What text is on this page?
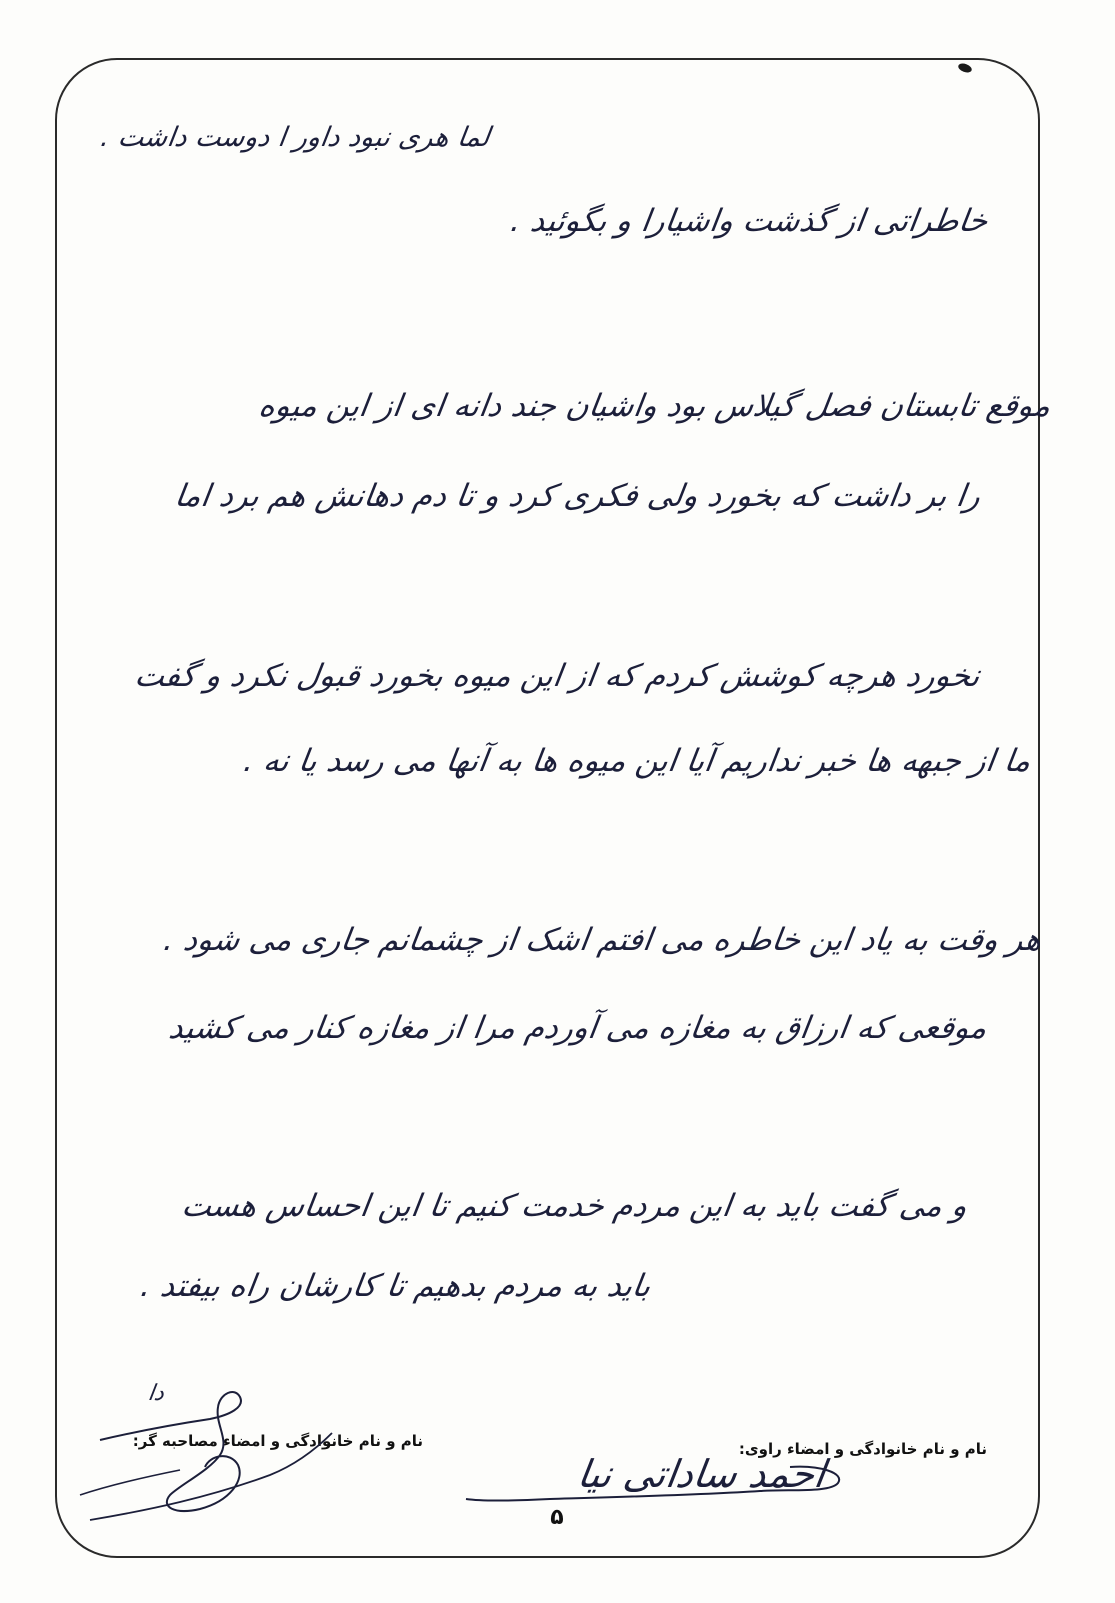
لما هری نبود داور ا دوست داشت .
خاطراتی از گذشت واشیارا و بگوئید .
موقع تابستان فصل گیلاس بود واشیان جند دانه ای از این میوه
را بر داشت که بخورد ولی فکری کرد و تا دم دهانش هم برد اما
نخورد هرچه کوشش کردم که از این میوه بخورد قبول نکرد و گفت
ما از جبهه ها خبر نداریم آیا این میوه ها به آنها می رسد یا نه .
هر وقت به یاد این خاطره می افتم اشک از چشمانم جاری می شود .
موقعی که ارزاق به مغازه می آوردم مرا از مغازه کنار می کشید
و می گفت باید به این مردم خدمت کنیم تا این احساس هست
باید به مردم بدهیم تا کارشان راه بیفتد .
نام و نام خانوادگی و امضاء راوی:
نام و نام خانوادگی و امضاء مصاحبه گر:
دا
احمد ساداتی نیا
۵
